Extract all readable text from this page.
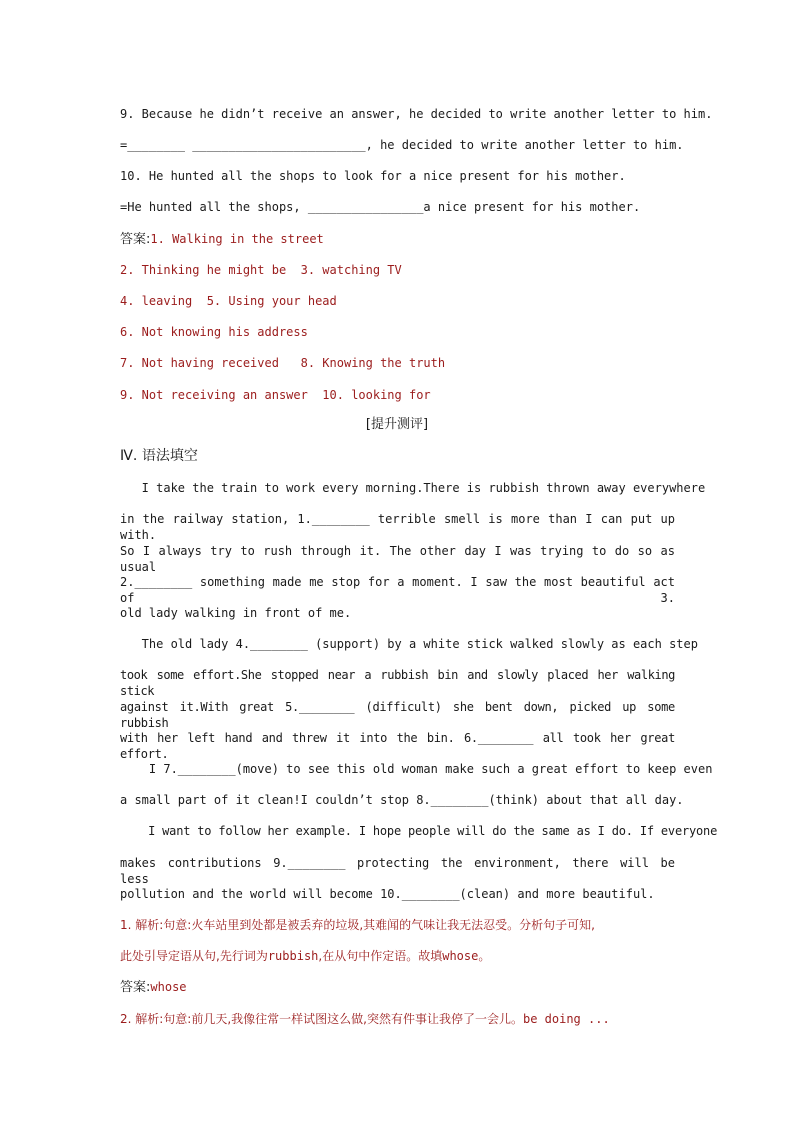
9. Because he didn’t receive an answer, he decided to write another letter to him.
=________ ________________________, he decided to write another letter to him.
10. He hunted all the shops to look for a nice present for his mother.
=He hunted all the shops, ________________a nice present for his mother.
答案:1. Walking in the street
2. Thinking he might be  3. watching TV
4. leaving  5. Using your head
6. Not knowing his address
7. Not having received   8. Knowing the truth
9. Not receiving an answer  10. looking for
[提升测评]
Ⅳ. 语法填空
I take the train to work every morning.There is rubbish thrown away everywhere
in the railway station, 1.________ terrible smell is more than I can put up with.
So I always try to rush through it. The other day I was trying to do so as usual
2.________ something made me stop for a moment. I saw the most beautiful act of 3.
old lady walking in front of me.
The old lady 4.________ (support) by a white stick walked slowly as each step
took some effort.She stopped near a rubbish bin and slowly placed her walking stick
against it.With great 5.________ (difficult) she bent down, picked up some rubbish
with her left hand and threw it into the bin. 6.________ all took her great effort.
I 7.________(move) to see this old woman make such a great effort to keep even
a small part of it clean!I couldn’t stop 8.________(think) about that all day.
I want to follow her example. I hope people will do the same as I do. If everyone
makes contributions 9.________ protecting the environment, there will be less
pollution and the world will become 10.________(clean) and more beautiful.
1. 解析:句意:火车站里到处都是被丢弃的垃圾,其难闻的气味让我无法忍受。分析句子可知,
此处引导定语从句,先行词为rubbish,在从句中作定语。故填whose。
答案:whose
2. 解析:句意:前几天,我像往常一样试图这么做,突然有件事让我停了一会儿。be doing ...
